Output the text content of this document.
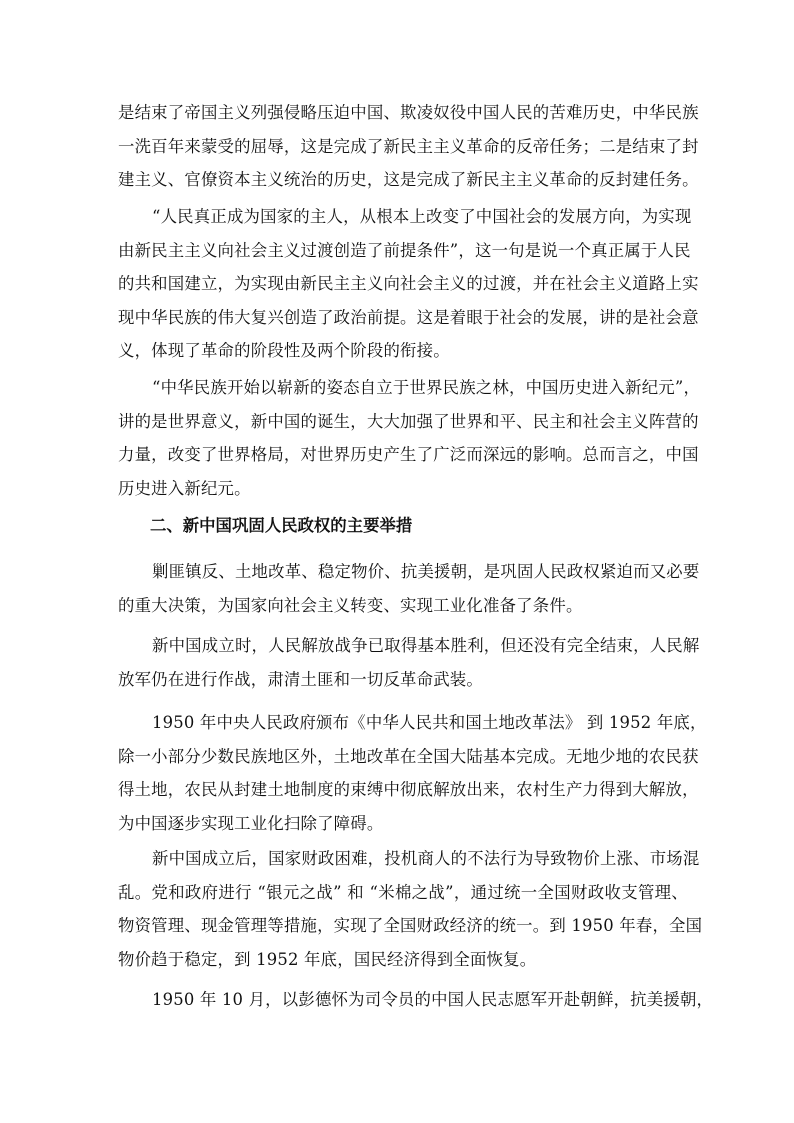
是结束了帝国主义列强侵略压迫中国、欺凌奴役中国人民的苦难历史，中华民族
一洗百年来蒙受的屈辱，这是完成了新民主主义革命的反帝任务；二是结束了封
建主义、官僚资本主义统治的历史，这是完成了新民主主义革命的反封建任务。
“人民真正成为国家的主人，从根本上改变了中国社会的发展方向，为实现
由新民主主义向社会主义过渡创造了前提条件”，这一句是说一个真正属于人民
的共和国建立，为实现由新民主主义向社会主义的过渡，并在社会主义道路上实
现中华民族的伟大复兴创造了政治前提。这是着眼于社会的发展，讲的是社会意
义，体现了革命的阶段性及两个阶段的衔接。
“中华民族开始以崭新的姿态自立于世界民族之林，中国历史进入新纪元”，
讲的是世界意义，新中国的诞生，大大加强了世界和平、民主和社会主义阵营的
力量，改变了世界格局，对世界历史产生了广泛而深远的影响。总而言之，中国
历史进入新纪元。
二、新中国巩固人民政权的主要举措
剿匪镇反、土地改革、稳定物价、抗美援朝，是巩固人民政权紧迫而又必要
的重大决策，为国家向社会主义转变、实现工业化准备了条件。
新中国成立时，人民解放战争已取得基本胜利，但还没有完全结束，人民解
放军仍在进行作战，肃清土匪和一切反革命武装。
1950 年中央人民政府颁布《中华人民共和国土地改革法》 到 1952 年底，
除一小部分少数民族地区外，土地改革在全国大陆基本完成。无地少地的农民获
得土地，农民从封建土地制度的束缚中彻底解放出来，农村生产力得到大解放，
为中国逐步实现工业化扫除了障碍。
新中国成立后，国家财政困难，投机商人的不法行为导致物价上涨、市场混
乱。党和政府进行 “银元之战” 和 “米棉之战”，通过统一全国财政收支管理、
物资管理、现金管理等措施，实现了全国财政经济的统一。到 1950 年春，全国
物价趋于稳定，到 1952 年底，国民经济得到全面恢复。
1950 年 10 月，以彭德怀为司令员的中国人民志愿军开赴朝鲜，抗美援朝，
